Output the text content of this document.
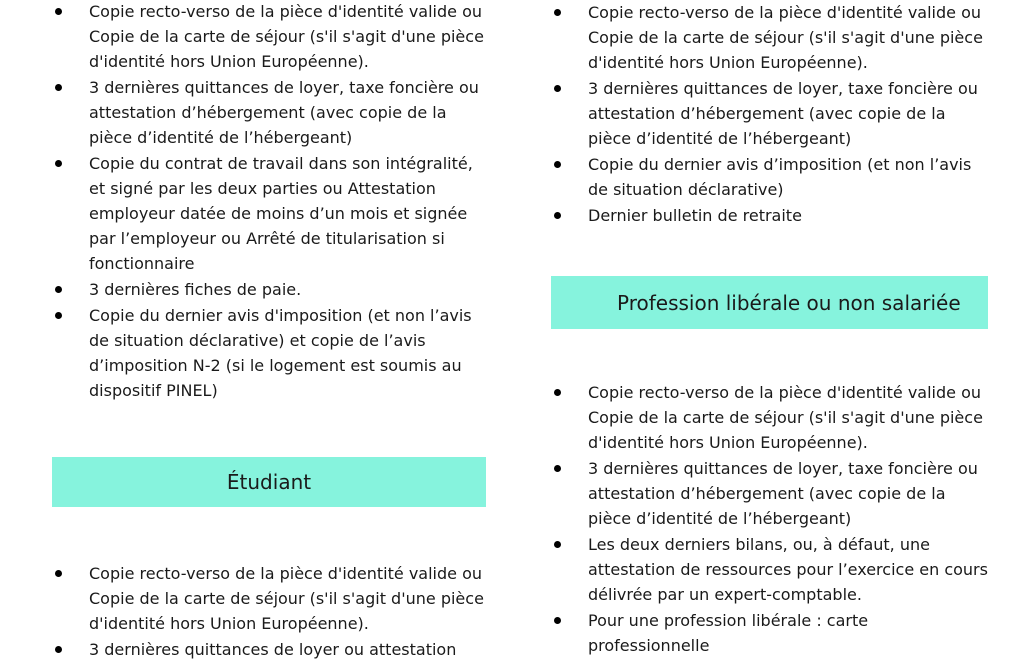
Copie recto-verso de la pièce d'identité valide ou Copie de la carte de séjour (s'il s'agit d'une pièce d'identité hors Union Européenne).
3 dernières quittances de loyer, taxe foncière ou attestation d’hébergement (avec copie de la pièce d’identité de l’hébergeant)
Copie du contrat de travail dans son intégralité, et signé par les deux parties ou Attestation employeur datée de moins d’un mois et signée par l’employeur ou Arrêté de titularisation si fonctionnaire
3 dernières fiches de paie.
Copie du dernier avis d'imposition (et non l’avis de situation déclarative) et copie de l’avis d’imposition N-2 (si le logement est soumis au dispositif PINEL)
Étudiant
Copie recto-verso de la pièce d'identité valide ou Copie de la carte de séjour (s'il s'agit d'une pièce d'identité hors Union Européenne).
3 dernières quittances de loyer ou attestation
Copie recto-verso de la pièce d'identité valide ou Copie de la carte de séjour (s'il s'agit d'une pièce d'identité hors Union Européenne).
3 dernières quittances de loyer, taxe foncière ou attestation d’hébergement (avec copie de la pièce d’identité de l’hébergeant)
Copie du dernier avis d’imposition (et non l’avis de situation déclarative)
Dernier bulletin de retraite
Profession libérale ou non salariée
Copie recto-verso de la pièce d'identité valide ou Copie de la carte de séjour (s'il s'agit d'une pièce d'identité hors Union Européenne).
3 dernières quittances de loyer, taxe foncière ou attestation d’hébergement (avec copie de la pièce d’identité de l’hébergeant)
Les deux derniers bilans, ou, à défaut, une attestation de ressources pour l’exercice en cours délivrée par un expert-comptable.
Pour une profession libérale : carte professionnelle
